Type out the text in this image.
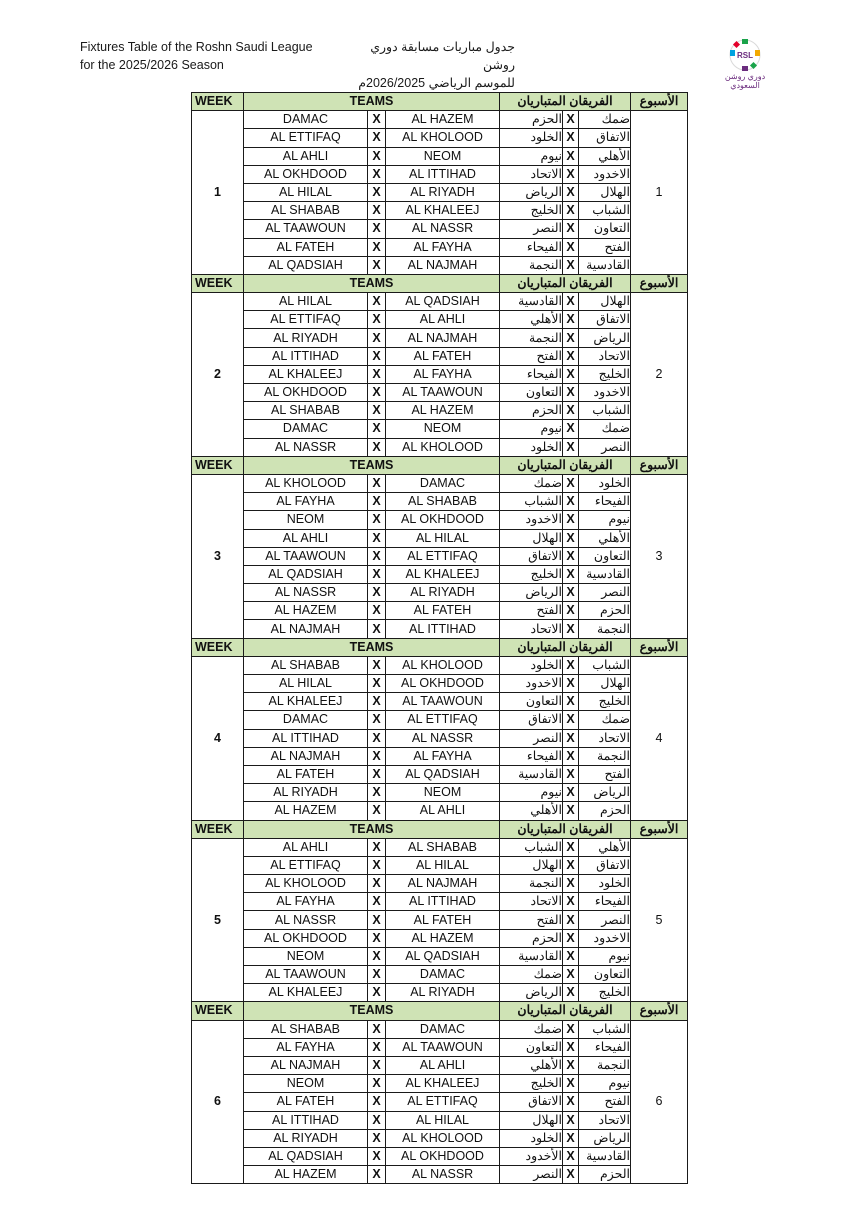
Fixtures Table of the Roshn Saudi League
for the 2025/2026 Season
جدول مباريات مسابقة دوري روشن
للموسم الرياضي 2026/2025م
RSL
دوري روشن
السعودي
WEEK	TEAMS			الفريقان المتباريان			الأسبوع
1	DAMAC	X	AL HAZEM	الحزم	X	ضمك	1
	AL ETTIFAQ	X	AL KHOLOOD	الخلود	X	الاتفاق	
	AL AHLI	X	NEOM	نيوم	X	الأهلي	
	AL OKHDOOD	X	AL ITTIHAD	الاتحاد	X	الاخدود	
	AL HILAL	X	AL RIYADH	الرياض	X	الهلال	
	AL SHABAB	X	AL KHALEEJ	الخليج	X	الشباب	
	AL TAAWOUN	X	AL NASSR	النصر	X	التعاون	
	AL FATEH	X	AL FAYHA	الفيحاء	X	الفتح	
	AL QADSIAH	X	AL NAJMAH	النجمة	X	القادسية	
WEEK	TEAMS			الفريقان المتباريان			الأسبوع
2	AL HILAL	X	AL QADSIAH	القادسية	X	الهلال	2
	AL ETTIFAQ	X	AL AHLI	الأهلي	X	الاتفاق	
	AL RIYADH	X	AL NAJMAH	النجمة	X	الرياض	
	AL ITTIHAD	X	AL FATEH	الفتح	X	الاتحاد	
	AL KHALEEJ	X	AL FAYHA	الفيحاء	X	الخليج	
	AL OKHDOOD	X	AL TAAWOUN	التعاون	X	الاخدود	
	AL SHABAB	X	AL HAZEM	الحزم	X	الشباب	
	DAMAC	X	NEOM	نيوم	X	ضمك	
	AL NASSR	X	AL KHOLOOD	الخلود	X	النصر	
WEEK	TEAMS			الفريقان المتباريان			الأسبوع
3	AL KHOLOOD	X	DAMAC	ضمك	X	الخلود	3
	AL FAYHA	X	AL SHABAB	الشباب	X	الفيحاء	
	NEOM	X	AL OKHDOOD	الاخدود	X	نيوم	
	AL AHLI	X	AL HILAL	الهلال	X	الأهلي	
	AL TAAWOUN	X	AL ETTIFAQ	الاتفاق	X	التعاون	
	AL QADSIAH	X	AL KHALEEJ	الخليج	X	القادسية	
	AL NASSR	X	AL RIYADH	الرياض	X	النصر	
	AL HAZEM	X	AL FATEH	الفتح	X	الحزم	
	AL NAJMAH	X	AL ITTIHAD	الاتحاد	X	النجمة	
WEEK	TEAMS			الفريقان المتباريان			الأسبوع
4	AL SHABAB	X	AL KHOLOOD	الخلود	X	الشباب	4
	AL HILAL	X	AL OKHDOOD	الاخدود	X	الهلال	
	AL KHALEEJ	X	AL TAAWOUN	التعاون	X	الخليج	
	DAMAC	X	AL ETTIFAQ	الاتفاق	X	ضمك	
	AL ITTIHAD	X	AL NASSR	النصر	X	الاتحاد	
	AL NAJMAH	X	AL FAYHA	الفيحاء	X	النجمة	
	AL FATEH	X	AL QADSIAH	القادسية	X	الفتح	
	AL RIYADH	X	NEOM	نيوم	X	الرياض	
	AL HAZEM	X	AL AHLI	الأهلي	X	الحزم	
WEEK	TEAMS			الفريقان المتباريان			الأسبوع
5	AL AHLI	X	AL SHABAB	الشباب	X	الأهلي	5
	AL ETTIFAQ	X	AL HILAL	الهلال	X	الاتفاق	
	AL KHOLOOD	X	AL NAJMAH	النجمة	X	الخلود	
	AL FAYHA	X	AL ITTIHAD	الاتحاد	X	الفيحاء	
	AL NASSR	X	AL FATEH	الفتح	X	النصر	
	AL OKHDOOD	X	AL HAZEM	الحزم	X	الاخدود	
	NEOM	X	AL QADSIAH	القادسية	X	نيوم	
	AL TAAWOUN	X	DAMAC	ضمك	X	التعاون	
	AL KHALEEJ	X	AL RIYADH	الرياض	X	الخليج	
WEEK	TEAMS			الفريقان المتباريان			الأسبوع
6	AL SHABAB	X	DAMAC	ضمك	X	الشباب	6
	AL FAYHA	X	AL TAAWOUN	التعاون	X	الفيحاء	
	AL NAJMAH	X	AL AHLI	الأهلي	X	النجمة	
	NEOM	X	AL KHALEEJ	الخليج	X	نيوم	
	AL FATEH	X	AL ETTIFAQ	الاتفاق	X	الفتح	
	AL ITTIHAD	X	AL HILAL	الهلال	X	الاتحاد	
	AL RIYADH	X	AL KHOLOOD	الخلود	X	الرياض	
	AL QADSIAH	X	AL OKHDOOD	الأخدود	X	القادسية	
	AL HAZEM	X	AL NASSR	النصر	X	الحزم	
